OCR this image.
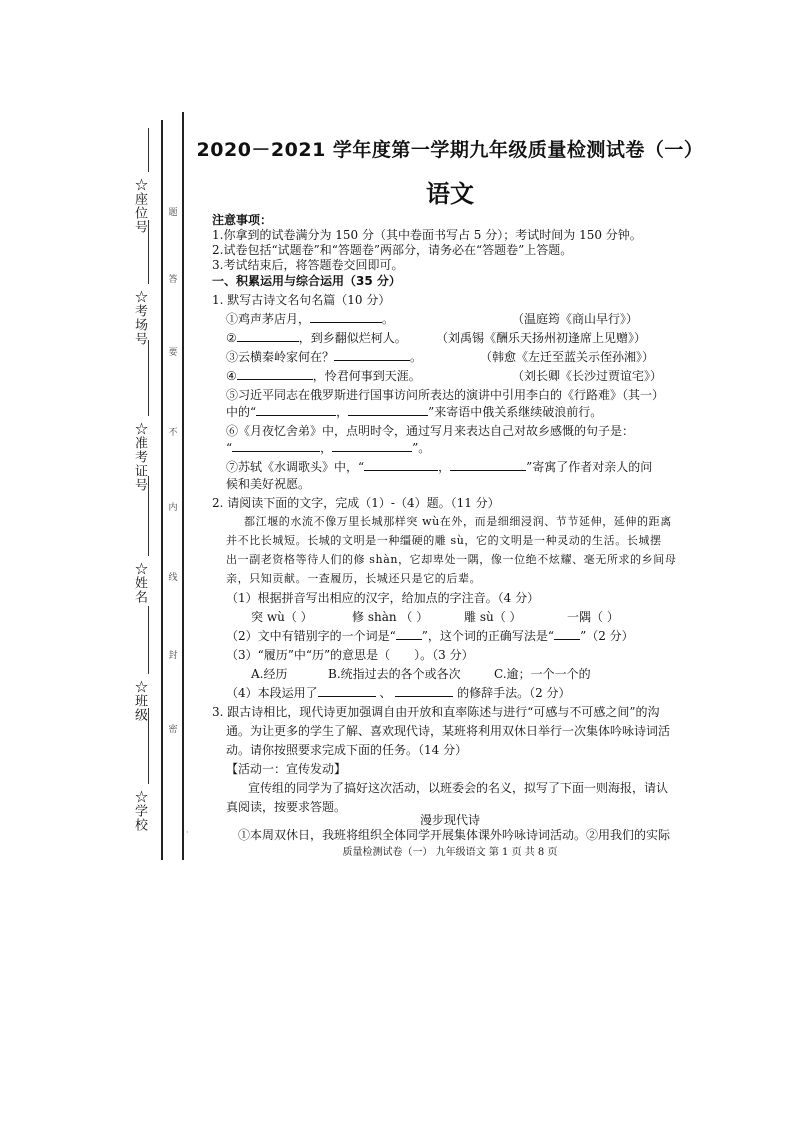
☆座位号
☆考场号
☆准考证号
☆姓名
☆班级
☆学校
题
答
要
不
内
线
封
密
2020－2021 学年度第一学期九年级质量检测试卷（一）
语文
注意事项：
1.你拿到的试卷满分为 150 分（其中卷面书写占 5 分）；考试时间为 150 分钟。
2.试卷包括“试题卷”和“答题卷”两部分，请务必在“答题卷”上答题。
3.考试结束后，将答题卷交回即可。
一、积累运用与综合运用（35 分）
1. 默写古诗文名句名篇（10 分）
①鸡声茅店月，	。	（温庭筠《商山早行》）
②	，到乡翻似烂柯人。 （刘禹锡《酬乐天扬州初逢席上见赠》）
③云横秦岭家何在？	。	（韩愈《左迁至蓝关示侄孙湘》）
④	，怜君何事到天涯。	（刘长卿《长沙过贾谊宅》）
⑤习近平同志在俄罗斯进行国事访问所表达的演讲中引用李白的《行路难》（其一）
中的“	，	”来寄语中俄关系继续破浪前行。
⑥《月夜忆舍弟》中，点明时令，通过写月来表达自己对故乡感慨的句子是：
“	，	”。
⑦苏轼《水调歌头》中，“	，	”寄寓了作者对亲人的问
候和美好祝愿。
2. 请阅读下面的文字，完成（1）-（4）题。（11 分）
都江堰的水流不像万里长城那样突 wù在外，而是细细浸润、节节延伸，延伸的距离
并不比长城短。长城的文明是一种缰硬的雕 sù，它的文明是一种灵动的生活。长城摆
出一副老资格等待人们的修 shàn，它却卑处一隅，像一位绝不炫耀、毫无所求的乡间母
亲，只知贡献。一查履历，长城还只是它的后辈。
（1）根据拼音写出相应的汉字，给加点的字注音。（4 分）
突 wù（ ）	修 shàn （ ）	雕 sù（ ）	一隅（ ）
（2）文中有错别字的一个词是“ ”，这个词的正确写法是“ ”（2 分）
（3）“履历”中“历”的意思是（　　）。（3 分）
A.经历	B.统指过去的各个或各次	C.逾；一个一个的
（4）本段运用了	、	的修辞手法。（2 分）
3. 跟古诗相比，现代诗更加强调自由开放和直率陈述与进行“可感与不可感之间”的沟
通。为让更多的学生了解、喜欢现代诗，某班将利用双休日举行一次集体吟咏诗词活
动。请你按照要求完成下面的任务。（14 分）
【活动一：宣传发动】
宣传组的同学为了搞好这次活动，以班委会的名义，拟写了下面一则海报，请认
真阅读，按要求答题。
漫步现代诗
①本周双休日，我班将组织全体同学开展集体课外吟咏诗词活动。②用我们的实际
·
质量检测试卷（一） 九年级语文 第 1 页 共 8 页
